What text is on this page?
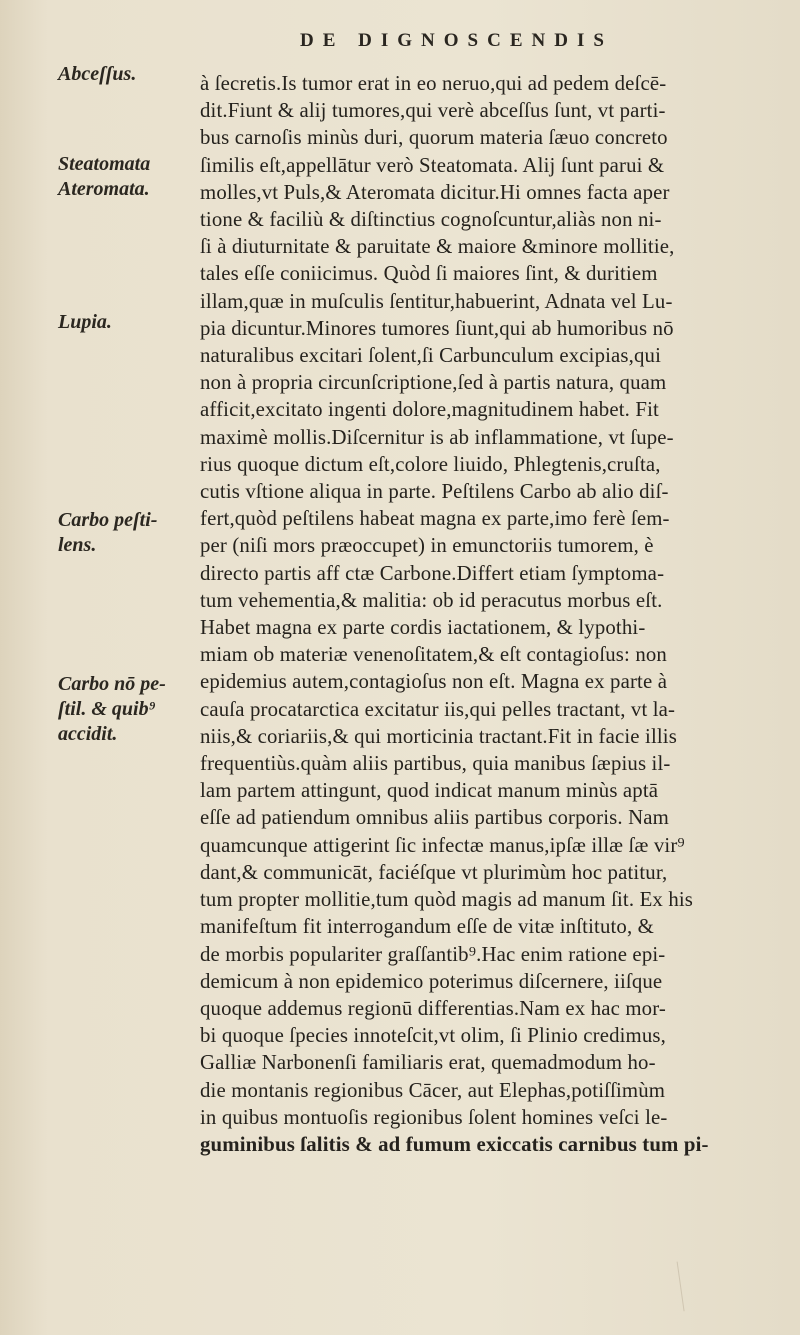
DE DIGNOSCENDIS
Abceſſus.
Steatomata
Ateromata.
Lupia.
Carbo peſti-
lens.
Carbo nō pe-
ſtil. & quib⁹
accidit.
à ſecretis.Is tumor erat in eo neruo,qui ad pedem deſcē-
dit.Fiunt & alij tumores,qui verè abceſſus ſunt, vt parti-
bus carnoſis minùs duri, quorum materia ſæuo concreto
ſimilis eſt,appellātur verò Steatomata. Alij ſunt parui &
molles,vt Puls,& Ateromata dicitur.Hi omnes facta aper
tione & faciliù & diſtinctius cognoſcuntur,aliàs non ni-
ſi à diuturnitate & paruitate & maiore &minore mollitie,
tales eſſe coniicimus. Quòd ſi maiores ſint, & duritiem
illam,quæ in muſculis ſentitur,habuerint, Adnata vel Lu-
pia dicuntur.Minores tumores ſiunt,qui ab humoribus nō
naturalibus excitari ſolent,ſi Carbunculum excipias,qui
non à propria circunſcriptione,ſed à partis natura, quam
afficit,excitato ingenti dolore,magnitudinem habet. Fit
maximè mollis.Diſcernitur is ab inflammatione, vt ſupe-
rius quoque dictum eſt,colore liuido, Phlegtenis,cruſta,
cutis vſtione aliqua in parte. Peſtilens Carbo ab alio diſ-
fert,quòd peſtilens habeat magna ex parte,imo ferè ſem-
per (niſi mors præoccupet) in emunctoriis tumorem, è
directo partis aff ctæ Carbone.Differt etiam ſymptoma-
tum vehementia,& malitia: ob id peracutus morbus eſt.
Habet magna ex parte cordis iactationem, & lypothi-
miam ob materiæ venenoſitatem,& eſt contagioſus: non
epidemius autem,contagioſus non eſt. Magna ex parte à
cauſa procatarctica excitatur iis,qui pelles tractant, vt la-
niis,& coriariis,& qui morticinia tractant.Fit in facie illis
frequentiùs.quàm aliis partibus, quia manibus ſæpius il-
lam partem attingunt, quod indicat manum minùs aptā
eſſe ad patiendum omnibus aliis partibus corporis. Nam
quamcunque attigerint ſic infectæ manus,ipſæ illæ ſæ vir⁹
dant,& communicāt, faciéſque vt plurimùm hoc patitur,
tum propter mollitie,tum quòd magis ad manum ſit. Ex his
manifeſtum fit interrogandum eſſe de vitæ inſtituto, &
de morbis populariter graſſantib⁹.Hac enim ratione epi-
demicum à non epidemico poterimus diſcernere, iiſque
quoque addemus regionū differentias.Nam ex hac mor-
bi quoque ſpecies innoteſcit,vt olim, ſi Plinio credimus,
Galliæ Narbonenſi familiaris erat, quemadmodum ho-
die montanis regionibus Cācer, aut Elephas,potiſſimùm
in quibus montuoſis regionibus ſolent homines veſci le-
guminibus ſalitis & ad fumum exiccatis carnibus tum pi-
